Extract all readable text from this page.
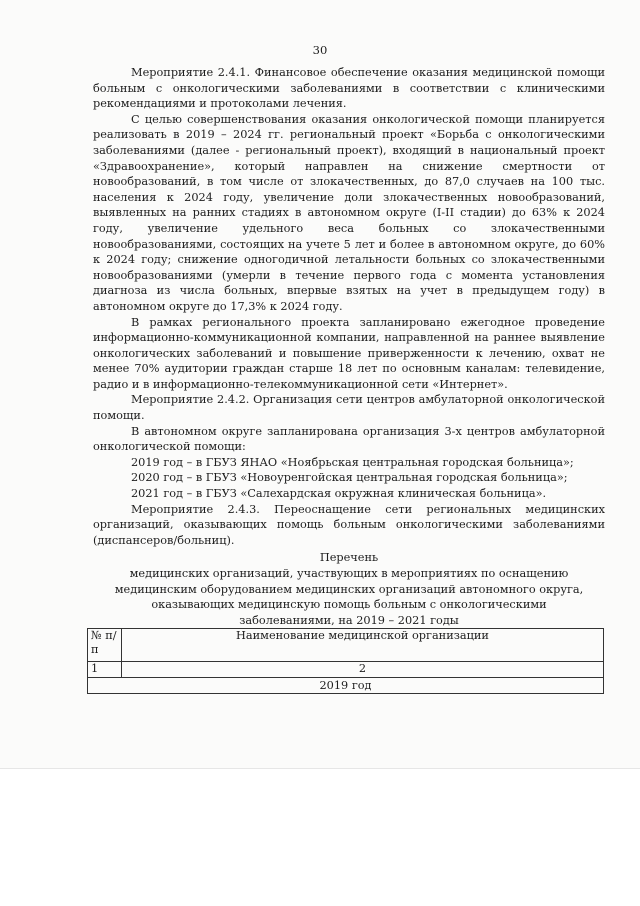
30

Мероприятие 2.4.1. Финансовое обеспечение оказания медицинской помощи больным с онкологическими заболеваниями в соответствии с клиническими рекомендациями и протоколами лечения.

С целью совершенствования оказания онкологической помощи планируется реализовать в 2019 – 2024 гг. региональный проект «Борьба с онкологическими заболеваниями (далее - региональный проект), входящий в национальный проект «Здравоохранение», который направлен на снижение смертности от новообразований, в том числе от злокачественных, до 87,0 случаев на 100 тыс. населения к 2024 году, увеличение доли злокачественных новообразований, выявленных на ранних стадиях в автономном округе (I-II стадии) до 63% к 2024 году, увеличение удельного веса больных со злокачественными новообразованиями, состоящих на учете 5 лет и более в автономном округе, до 60% к 2024 году; снижение одногодичной летальности больных со злокачественными новообразованиями (умерли в течение первого года с момента установления диагноза из числа больных, впервые взятых на учет в предыдущем году) в автономном округе до 17,3% к 2024 году.

В рамках регионального проекта запланировано ежегодное проведение информационно-коммуникационной компании, направленной на раннее выявление онкологических заболеваний и повышение приверженности к лечению, охват не менее 70% аудитории граждан старше 18 лет по основным каналам: телевидение, радио и в информационно-телекоммуникационной сети «Интернет».

Мероприятие 2.4.2. Организация сети центров амбулаторной онкологической помощи.

В автономном округе запланирована организация 3-х центров амбулаторной онкологической помощи:

2019 год – в ГБУЗ ЯНАО «Ноябрьская центральная городская больница»;

2020 год – в ГБУЗ «Новоуренгойская центральная городская больница»;

2021 год – в ГБУЗ «Салехардская окружная клиническая больница».

Мероприятие 2.4.3. Переоснащение сети региональных медицинских организаций, оказывающих помощь больным онкологическими заболеваниями (диспансеров/больниц).

Перечень
медицинских организаций, участвующих в мероприятиях по оснащению
медицинским оборудованием медицинских организаций автономного округа,
оказывающих медицинскую помощь больным с онкологическими
заболеваниями, на 2019 – 2021 годы
№ п/п	Наименование медицинской организации
1	2
2019 год	
